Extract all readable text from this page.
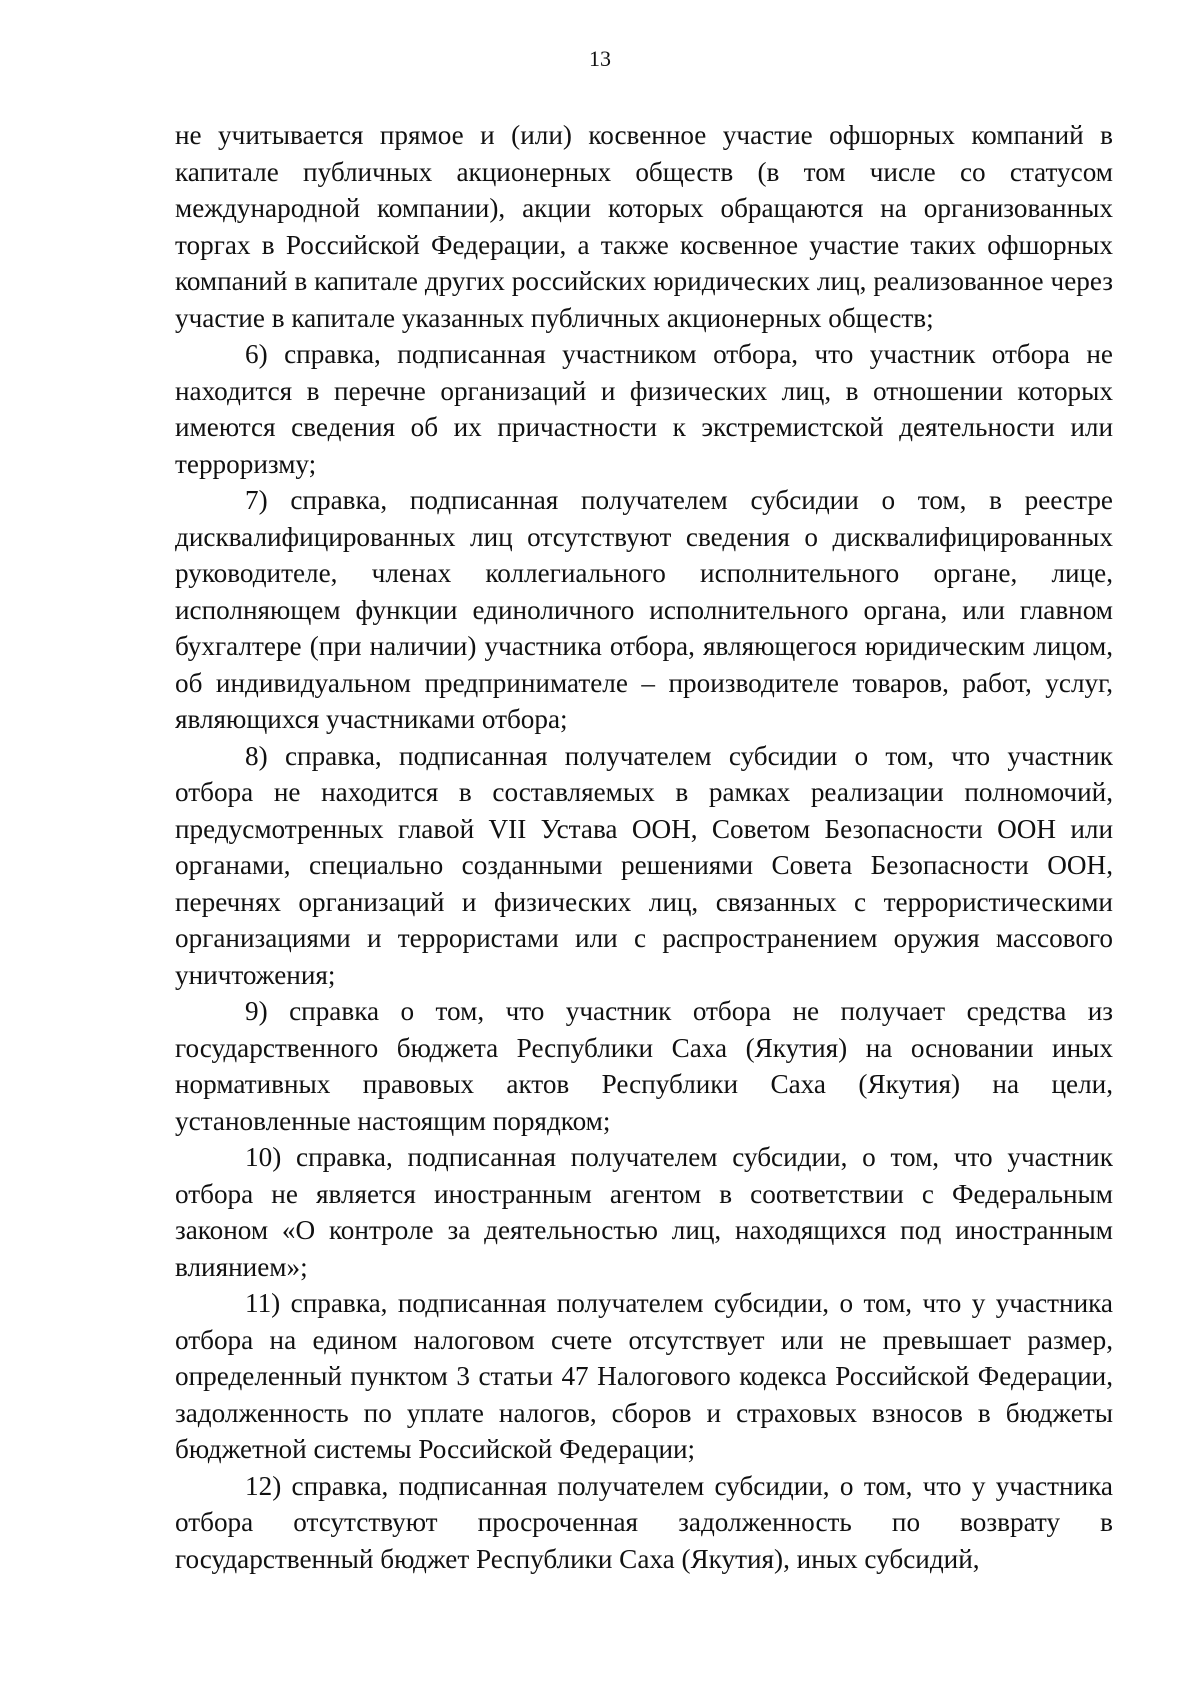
13

не учитывается прямое и (или) косвенное участие офшорных компаний в капитале публичных акционерных обществ (в том числе со статусом международной компании), акции которых обращаются на организованных торгах в Российской Федерации, а также косвенное участие таких офшорных компаний в капитале других российских юридических лиц, реализованное через участие в капитале указанных публичных акционерных обществ;

6) справка, подписанная участником отбора, что участник отбора не находится в перечне организаций и физических лиц, в отношении которых имеются сведения об их причастности к экстремистской деятельности или терроризму;

7) справка, подписанная получателем субсидии о том, в реестре дисквалифицированных лиц отсутствуют сведения о дисквалифицированных руководителе, членах коллегиального исполнительного органе, лице, исполняющем функции единоличного исполнительного органа, или главном бухгалтере (при наличии) участника отбора, являющегося юридическим лицом, об индивидуальном предпринимателе – производителе товаров, работ, услуг, являющихся участниками отбора;

8) справка, подписанная получателем субсидии о том, что участник отбора не находится в составляемых в рамках реализации полномочий, предусмотренных главой VII Устава ООН, Советом Безопасности ООН или органами, специально созданными решениями Совета Безопасности ООН, перечнях организаций и физических лиц, связанных с террористическими организациями и террористами или с распространением оружия массового уничтожения;

9) справка о том, что участник отбора не получает средства из государственного бюджета Республики Саха (Якутия) на основании иных нормативных правовых актов Республики Саха (Якутия) на цели, установленные настоящим порядком;

10) справка, подписанная получателем субсидии, о том, что участник отбора не является иностранным агентом в соответствии с Федеральным законом «О контроле за деятельностью лиц, находящихся под иностранным влиянием»;

11) справка, подписанная получателем субсидии, о том, что у участника отбора на едином налоговом счете отсутствует или не превышает размер, определенный пунктом 3 статьи 47 Налогового кодекса Российской Федерации, задолженность по уплате налогов, сборов и страховых взносов в бюджеты бюджетной системы Российской Федерации;

12) справка, подписанная получателем субсидии, о том, что у участника отбора отсутствуют просроченная задолженность по возврату в государственный бюджет Республики Саха (Якутия), иных субсидий,
